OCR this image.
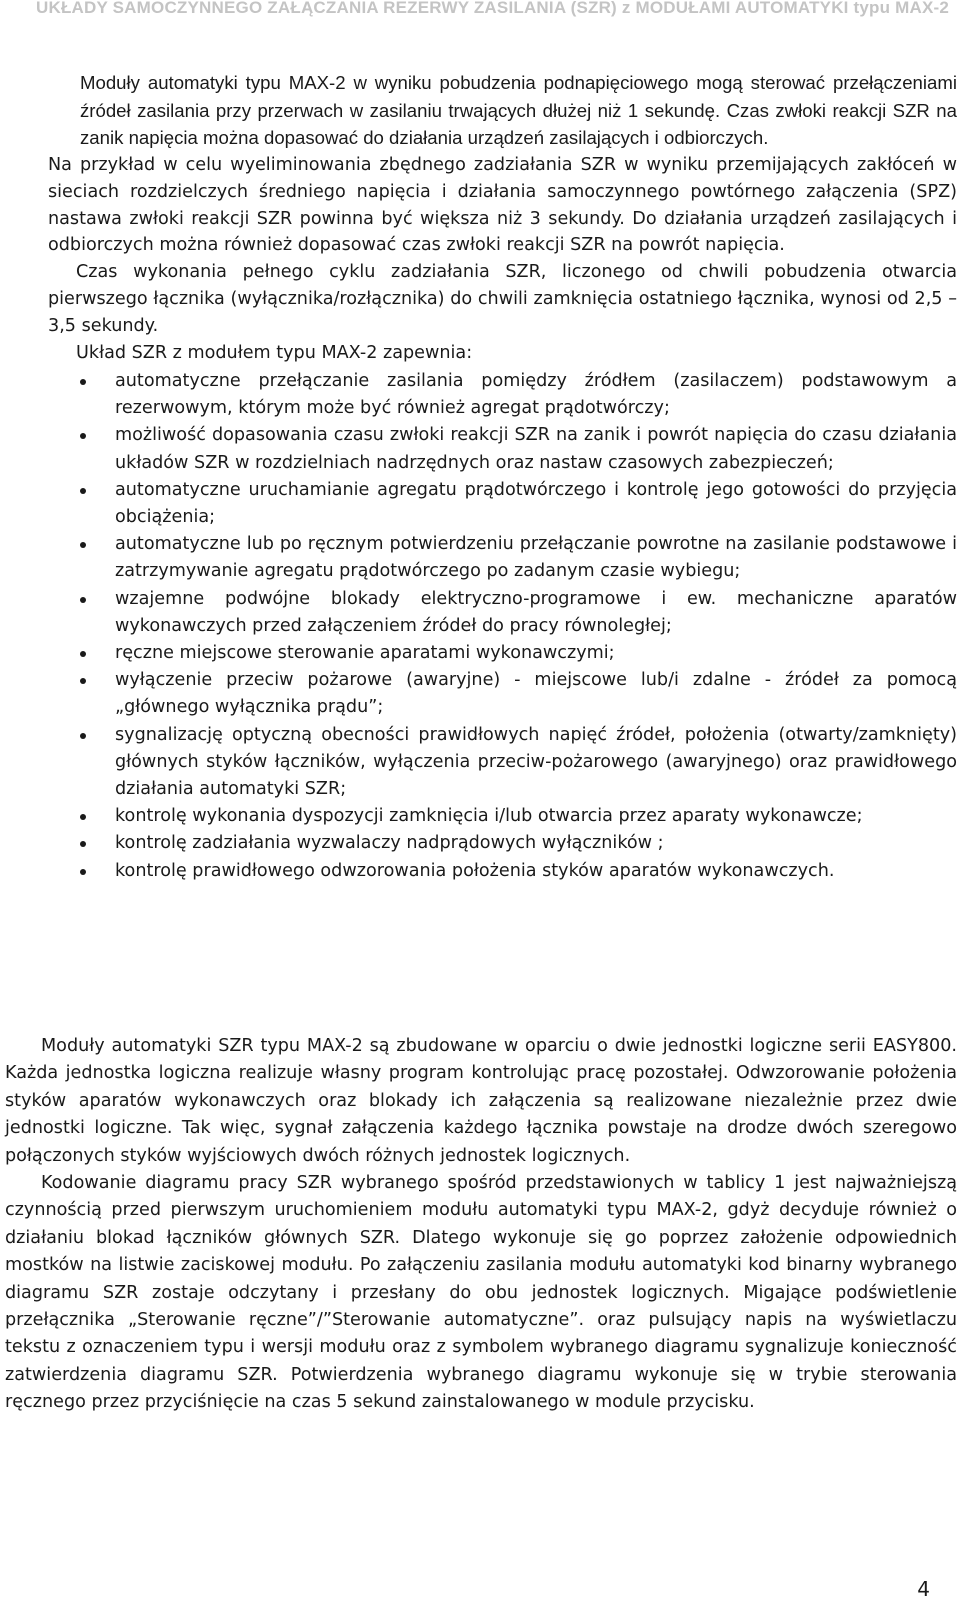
UKŁADY SAMOCZYNNEGO ZAŁĄCZANIA REZERWY ZASILANIA (SZR) z MODUŁAMI AUTOMATYKI typu MAX-2

Moduły automatyki typu MAX-2 w wyniku pobudzenia podnapięciowego mogą sterować przełączeniami źródeł zasilania przy przerwach w zasilaniu trwających dłużej niż 1 sekundę. Czas zwłoki reakcji SZR na zanik napięcia można dopasować do działania urządzeń zasilających i odbiorczych.

Na przykład w celu wyeliminowania zbędnego zadziałania SZR w wyniku przemijających zakłóceń w sieciach rozdzielczych średniego napięcia i działania samoczynnego powtórnego załączenia (SPZ) nastawa zwłoki reakcji SZR powinna być większa niż 3 sekundy. Do działania urządzeń zasilających i odbiorczych można również dopasować czas zwłoki reakcji SZR na powrót napięcia.

Czas wykonania pełnego cyklu zadziałania SZR, liczonego od chwili pobudzenia otwarcia pierwszego łącznika (wyłącznika/rozłącznika) do chwili zamknięcia ostatniego łącznika, wynosi od 2,5 – 3,5 sekundy.

Układ SZR z modułem typu MAX-2 zapewnia:

automatyczne przełączanie zasilania pomiędzy źródłem (zasilaczem) podstawowym a rezerwowym, którym może być również agregat prądotwórczy;
możliwość dopasowania czasu zwłoki reakcji SZR na zanik i powrót napięcia do czasu działania układów SZR w rozdzielniach nadrzędnych oraz nastaw czasowych zabezpieczeń;
automatyczne uruchamianie agregatu prądotwórczego i kontrolę jego gotowości do przyjęcia obciążenia;
automatyczne lub po ręcznym potwierdzeniu przełączanie powrotne na zasilanie podstawowe i zatrzymywanie agregatu prądotwórczego po zadanym czasie wybiegu;
wzajemne podwójne blokady elektryczno-programowe i ew. mechaniczne aparatów wykonawczych przed załączeniem źródeł do pracy równoległej;
ręczne miejscowe sterowanie aparatami wykonawczymi;
wyłączenie przeciw pożarowe (awaryjne) - miejscowe lub/i zdalne - źródeł za pomocą „głównego wyłącznika prądu”;
sygnalizację optyczną obecności prawidłowych napięć źródeł, położenia (otwarty/zamknięty) głównych styków łączników, wyłączenia przeciw-pożarowego (awaryjnego) oraz prawidłowego działania automatyki SZR;
kontrolę wykonania dyspozycji zamknięcia i/lub otwarcia przez aparaty wykonawcze;
kontrolę zadziałania wyzwalaczy nadprądowych wyłączników ;
kontrolę prawidłowego odwzorowania położenia styków aparatów wykonawczych.

Moduły automatyki SZR typu MAX-2 są zbudowane w oparciu o dwie jednostki logiczne serii EASY800. Każda jednostka logiczna realizuje własny program kontrolując pracę pozostałej. Odwzorowanie położenia styków aparatów wykonawczych oraz blokady ich załączenia są realizowane niezależnie przez dwie jednostki logiczne. Tak więc, sygnał załączenia każdego łącznika powstaje na drodze dwóch szeregowo połączonych styków wyjściowych dwóch różnych jednostek logicznych.

Kodowanie diagramu pracy SZR wybranego spośród przedstawionych w tablicy 1 jest najważniejszą czynnością przed pierwszym uruchomieniem modułu automatyki typu MAX-2, gdyż decyduje również o działaniu blokad łączników głównych SZR. Dlatego wykonuje się go poprzez założenie odpowiednich mostków na listwie zaciskowej modułu. Po załączeniu zasilania modułu automatyki kod binarny wybranego diagramu SZR zostaje odczytany i przesłany do obu jednostek logicznych. Migające podświetlenie przełącznika „Sterowanie ręczne”/”Sterowanie automatyczne”. oraz pulsujący napis na wyświetlaczu tekstu z oznaczeniem typu i wersji modułu oraz z symbolem wybranego diagramu sygnalizuje konieczność zatwierdzenia diagramu SZR. Potwierdzenia wybranego diagramu wykonuje się w trybie sterowania ręcznego przez przyciśnięcie na czas 5 sekund zainstalowanego w module przycisku.

4
